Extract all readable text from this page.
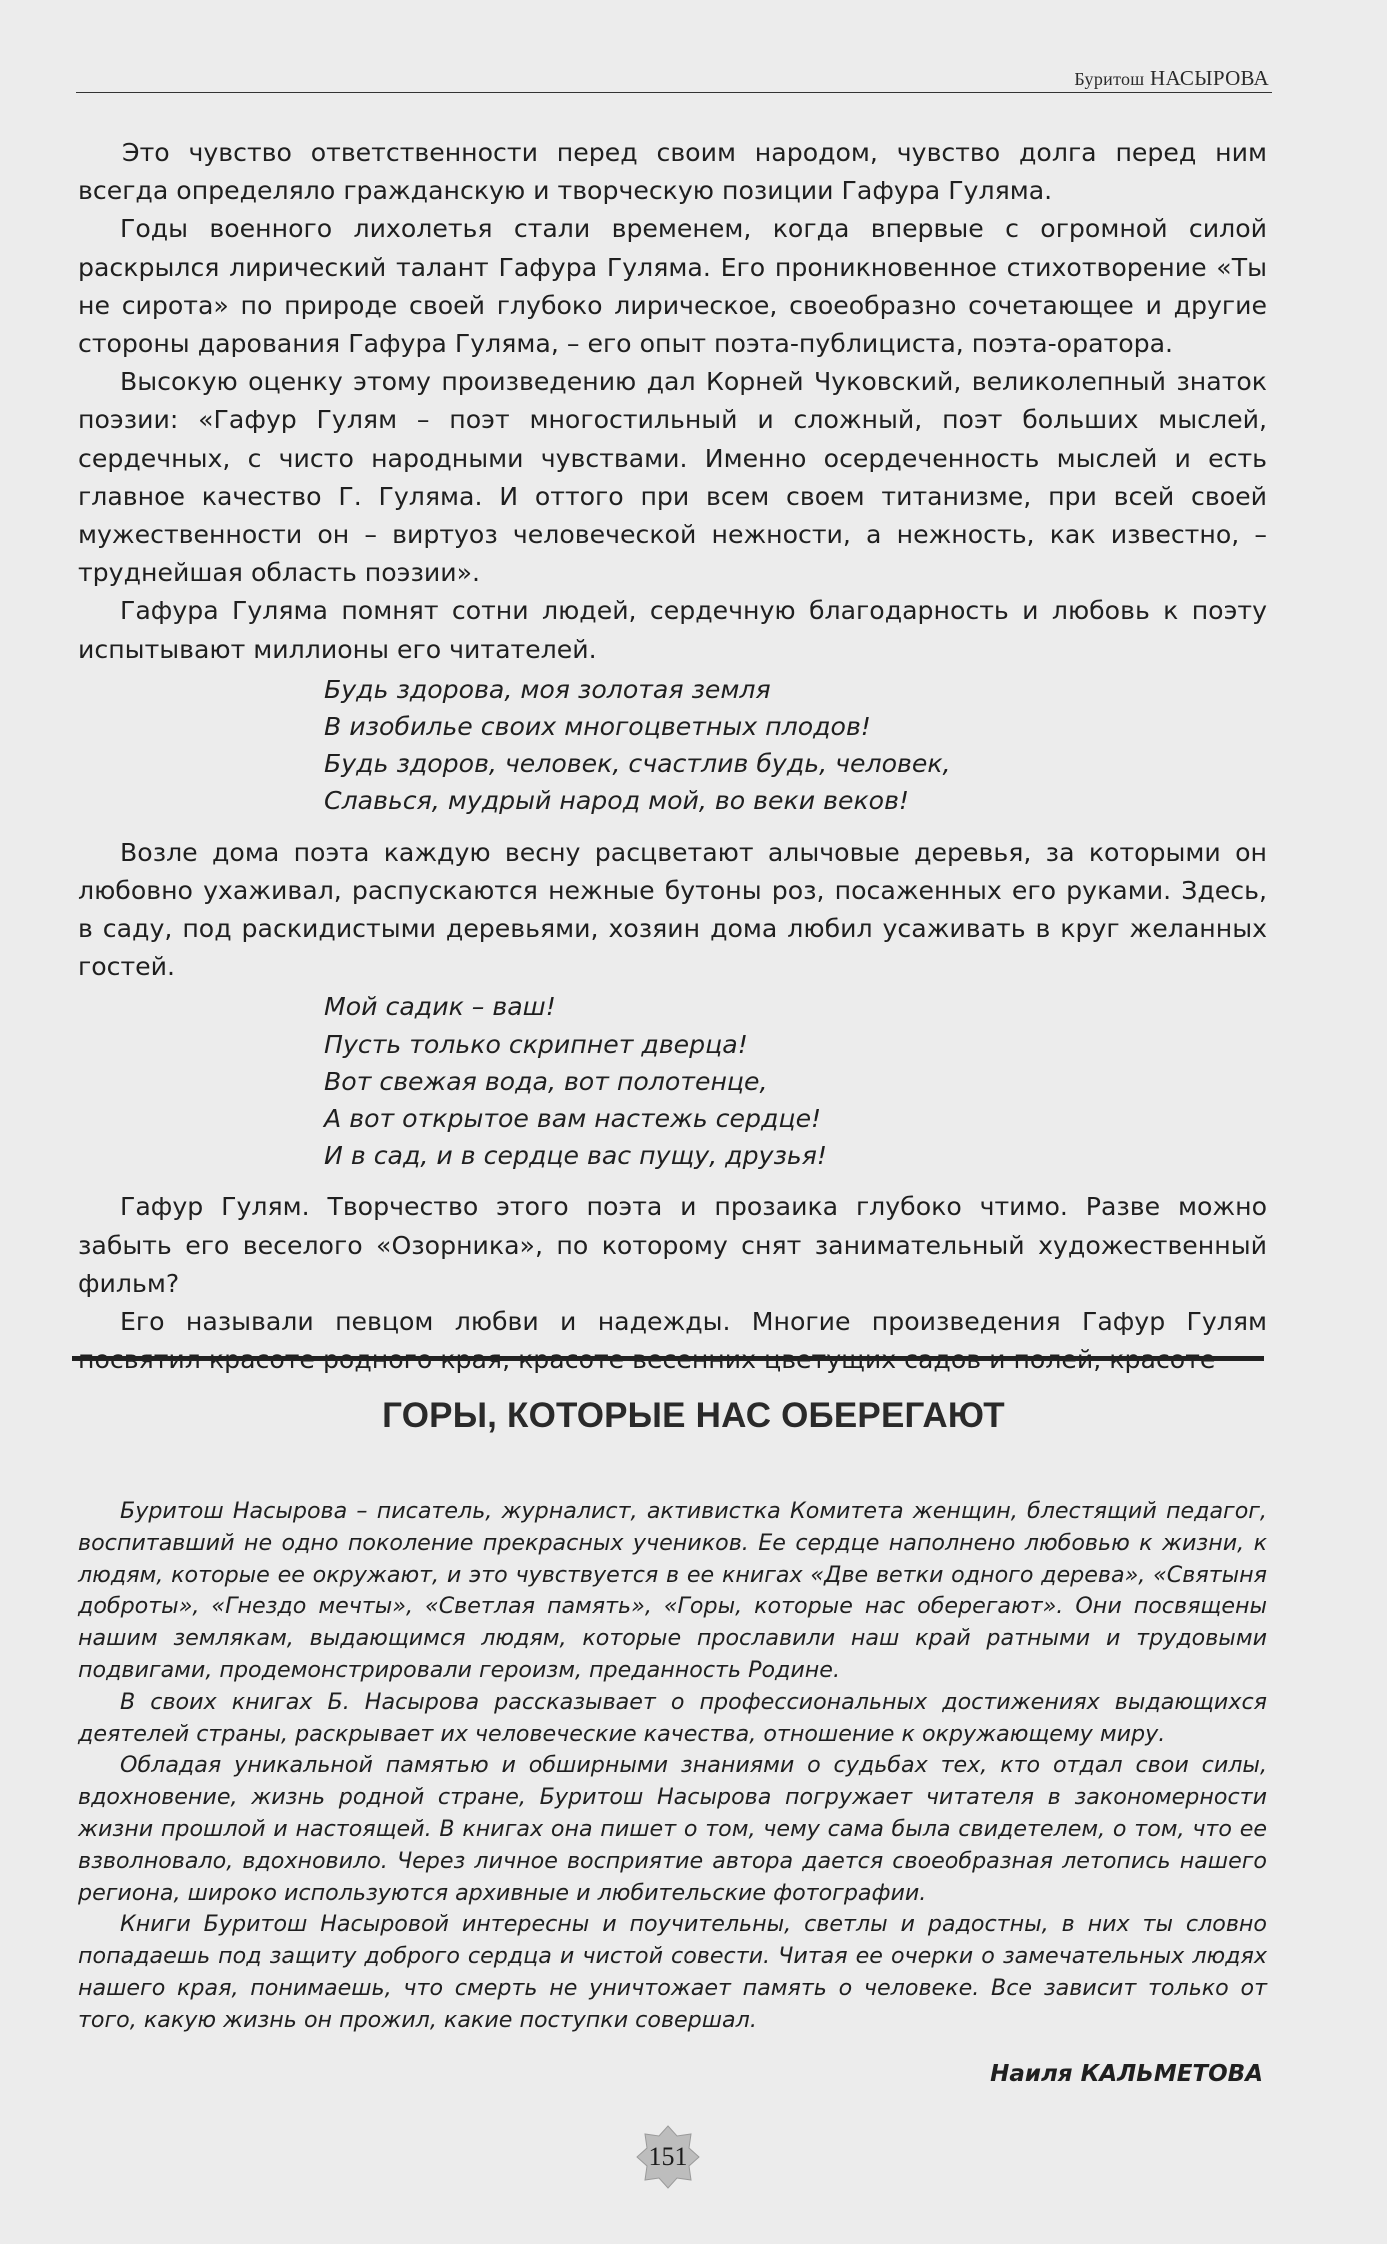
Буритош НАСЫРОВА

Это чувство ответственности перед своим народом, чувство долга перед ним всегда определяло гражданскую и творческую позиции Гафура Гуляма.

Годы военного лихолетья стали временем, когда впервые с огромной силой раскрылся лирический талант Гафура Гуляма. Его проникновенное стихотворение «Ты не сирота» по природе своей глубоко лирическое, своеобразно сочетающее и другие стороны дарования Гафура Гуляма, – его опыт поэта-публициста, поэта-оратора.

Высокую оценку этому произведению дал Корней Чуковский, великолепный знаток поэзии: «Гафур Гулям – поэт многостильный и сложный, поэт больших мыслей, сердечных, с чисто народными чувствами. Именно осердеченность мыслей и есть главное качество Г. Гуляма. И оттого при всем своем титанизме, при всей своей мужественности он – виртуоз человеческой нежности, а нежность, как известно, – труднейшая область поэзии».

Гафура Гуляма помнят сотни людей, сердечную благодарность и любовь к поэту испытывают миллионы его читателей.

Будь здорова, моя золотая земля
В изобилье своих многоцветных плодов!
Будь здоров, человек, счастлив будь, человек,
Славься, мудрый народ мой, во веки веков!

Возле дома поэта каждую весну расцветают алычовые деревья, за которыми он любовно ухаживал, распускаются нежные бутоны роз, посаженных его руками. Здесь, в саду, под раскидистыми деревьями, хозяин дома любил усаживать в круг желанных гостей.

Мой садик – ваш!
Пусть только скрипнет дверца!
Вот свежая вода, вот полотенце,
А вот открытое вам настежь сердце!
И в сад, и в сердце вас пущу, друзья!

Гафур Гулям. Творчество этого поэта и прозаика глубоко чтимо. Разве можно забыть его веселого «Озорника», по которому снят занимательный художественный фильм?

Его называли певцом любви и надежды. Многие произведения Гафур Гулям

ГОРЫ, КОТОРЫЕ НАС ОБЕРЕГАЮТ

Буритош Насырова – писатель, журналист, активистка Комитета женщин, блестящий педагог, воспитавший не одно поколение прекрасных учеников. Ее сердце наполнено любовью к жизни, к людям, которые ее окружают, и это чувствуется в ее книгах «Две ветки одного дерева», «Святыня доброты», «Гнездо мечты», «Светлая память», «Горы, которые нас оберегают». Они посвящены нашим землякам, выдающимся людям, которые прославили наш край ратными и трудовыми подвигами, продемонстрировали героизм, преданность Родине.

В своих книгах Б. Насырова рассказывает о профессиональных достижениях выдающихся деятелей страны, раскрывает их человеческие качества, отношение к окружающему миру.

Обладая уникальной памятью и обширными знаниями о судьбах тех, кто отдал свои силы, вдохновение, жизнь родной стране, Буритош Насырова погружает читателя в закономерности жизни прошлой и настоящей. В книгах она пишет о том, чему сама была свидетелем, о том, что ее взволновало, вдохновило. Через личное восприятие автора дается своеобразная летопись нашего региона, широко используются архивные и любительские фотографии.

Книги Буритош Насыровой интересны и поучительны, светлы и радостны, в них ты словно попадаешь под защиту доброго сердца и чистой совести. Читая ее очерки о замечательных людях нашего края, понимаешь, что смерть не уничтожает память о человеке. Все зависит только от того, какую жизнь он прожил, какие поступки совершал.

Наиля КАЛЬМЕТОВА
151
